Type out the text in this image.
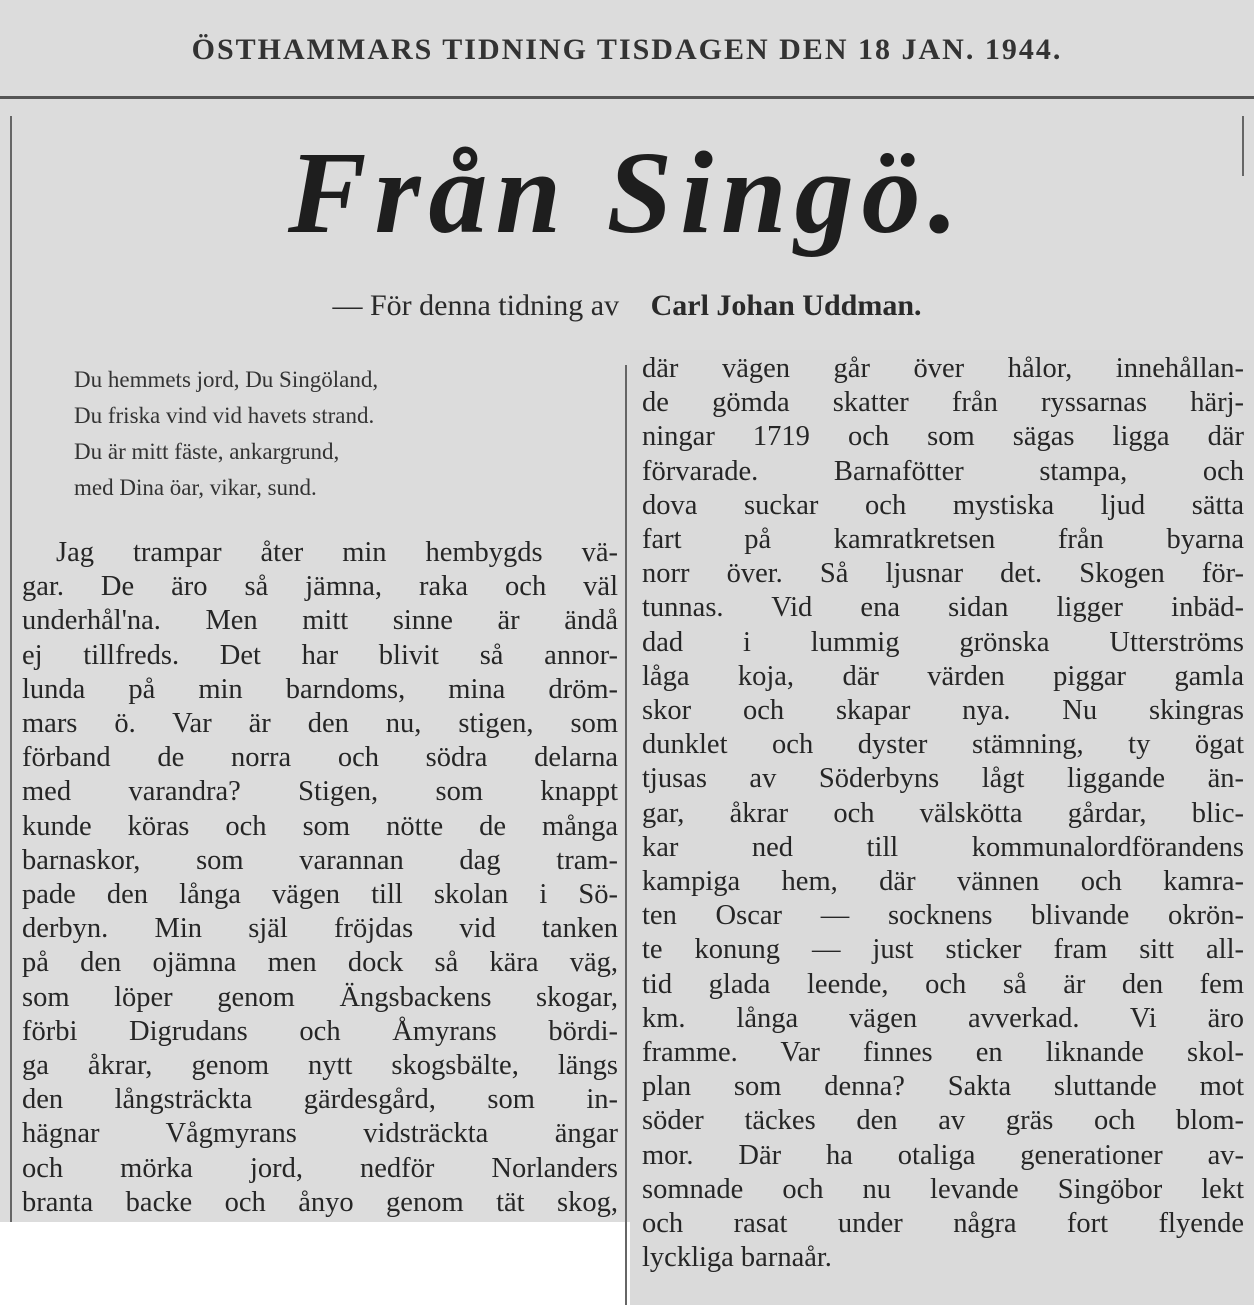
ÖSTHAMMARS TIDNING TISDAGEN DEN 18 JAN. 1944.
Från Singö.
— För denna tidning av Carl Johan Uddman.
Du hemmets jord, Du Singöland,
Du friska vind vid havets strand.
Du är mitt fäste, ankargrund,
med Dina öar, vikar, sund.
Jag trampar åter min hembygds vä-
gar. De äro så jämna, raka och väl
underhål'na. Men mitt sinne är ändå
ej tillfreds. Det har blivit så annor-
lunda på min barndoms, mina dröm-
mars ö. Var är den nu, stigen, som
förband de norra och södra delarna
med varandra? Stigen, som knappt
kunde köras och som nötte de många
barnaskor, som varannan dag tram-
pade den långa vägen till skolan i Sö-
derbyn. Min själ fröjdas vid tanken
på den ojämna men dock så kära väg,
som löper genom Ängsbackens skogar,
förbi Digrudans och Åmyrans bördi-
ga åkrar, genom nytt skogsbälte, längs
den långsträckta gärdesgård, som in-
hägnar Vågmyrans vidsträckta ängar
och mörka jord, nedför Norlanders
branta backe och ånyo genom tät skog,
där vägen går över hålor, innehållan-
de gömda skatter från ryssarnas härj-
ningar 1719 och som sägas ligga där
förvarade. Barnafötter stampa, och
dova suckar och mystiska ljud sätta
fart på kamratkretsen från byarna
norr över. Så ljusnar det. Skogen för-
tunnas. Vid ena sidan ligger inbäd-
dad i lummig grönska Utterströms
låga koja, där värden piggar gamla
skor och skapar nya. Nu skingras
dunklet och dyster stämning, ty ögat
tjusas av Söderbyns lågt liggande än-
gar, åkrar och välskötta gårdar, blic-
kar ned till kommunalordförandens
kampiga hem, där vännen och kamra-
ten Oscar — socknens blivande okrön-
te konung — just sticker fram sitt all-
tid glada leende, och så är den fem
km. långa vägen avverkad. Vi äro
framme. Var finnes en liknande skol-
plan som denna? Sakta sluttande mot
söder täckes den av gräs och blom-
mor. Där ha otaliga generationer av-
somnade och nu levande Singöbor lekt
och rasat under några fort flyende
lyckliga barnaår.
